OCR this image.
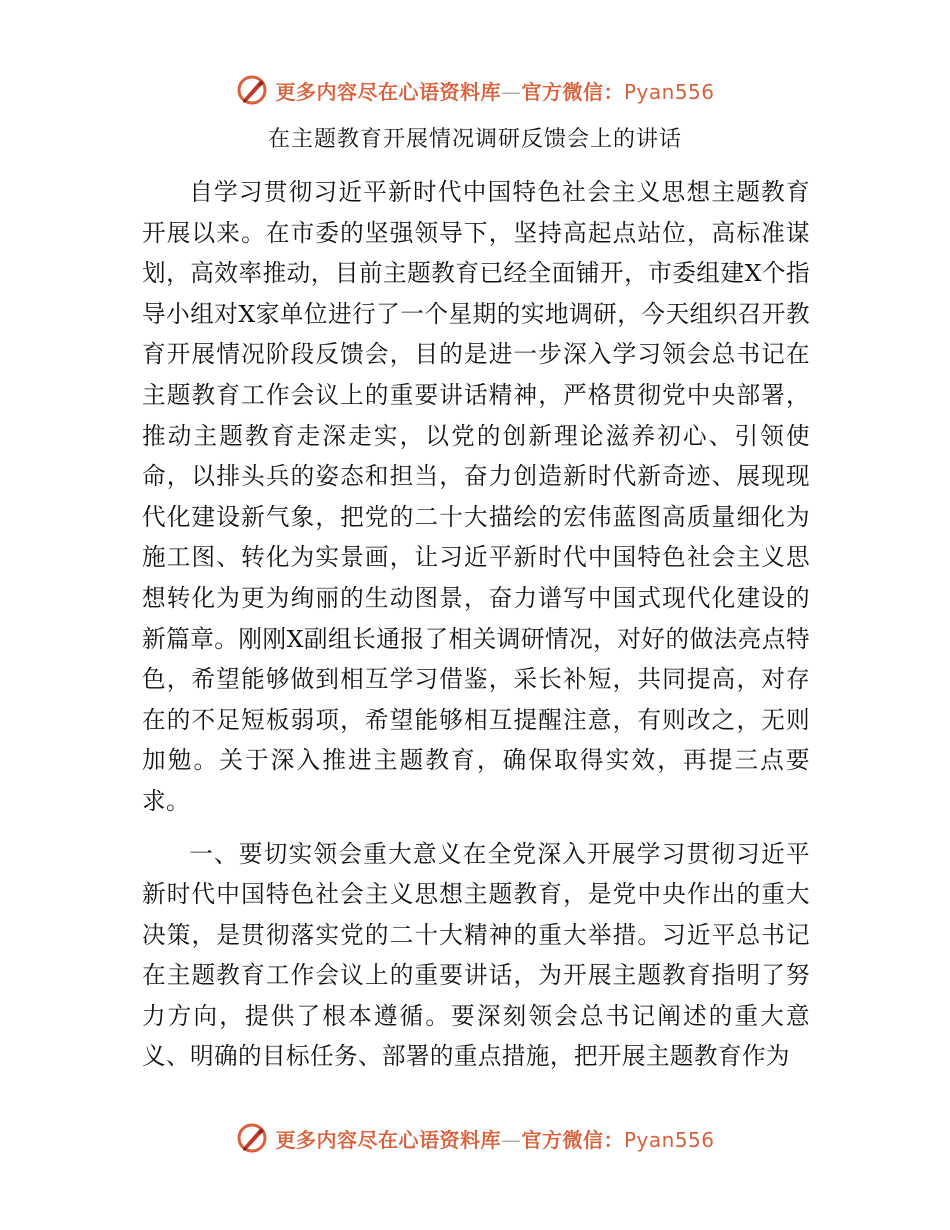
更多内容尽在心语资料库—官方微信：Pyan556
在主题教育开展情况调研反馈会上的讲话

自学习贯彻习近平新时代中国特色社会主义思想主题教育开展以来。在市委的坚强领导下，坚持高起点站位，高标准谋划，高效率推动，目前主题教育已经全面铺开，市委组建X个指导小组对X家单位进行了一个星期的实地调研，今天组织召开教育开展情况阶段反馈会，目的是进一步深入学习领会总书记在主题教育工作会议上的重要讲话精神，严格贯彻党中央部署，推动主题教育走深走实，以党的创新理论滋养初心、引领使命，以排头兵的姿态和担当，奋力创造新时代新奇迹、展现现代化建设新气象，把党的二十大描绘的宏伟蓝图高质量细化为施工图、转化为实景画，让习近平新时代中国特色社会主义思想转化为更为绚丽的生动图景，奋力谱写中国式现代化建设的新篇章。刚刚X副组长通报了相关调研情况，对好的做法亮点特色，希望能够做到相互学习借鉴，采长补短，共同提高，对存在的不足短板弱项，希望能够相互提醒注意，有则改之，无则加勉。关于深入推进主题教育，确保取得实效，再提三点要求。

一、要切实领会重大意义在全党深入开展学习贯彻习近平新时代中国特色社会主义思想主题教育，是党中央作出的重大决策，是贯彻落实党的二十大精神的重大举措。习近平总书记在主题教育工作会议上的重要讲话，为开展主题教育指明了努力方向，提供了根本遵循。要深刻领会总书记阐述的重大意义、明确的目标任务、部署的重点措施，把开展主题教育作为

更多内容尽在心语资料库—官方微信：Pyan556
